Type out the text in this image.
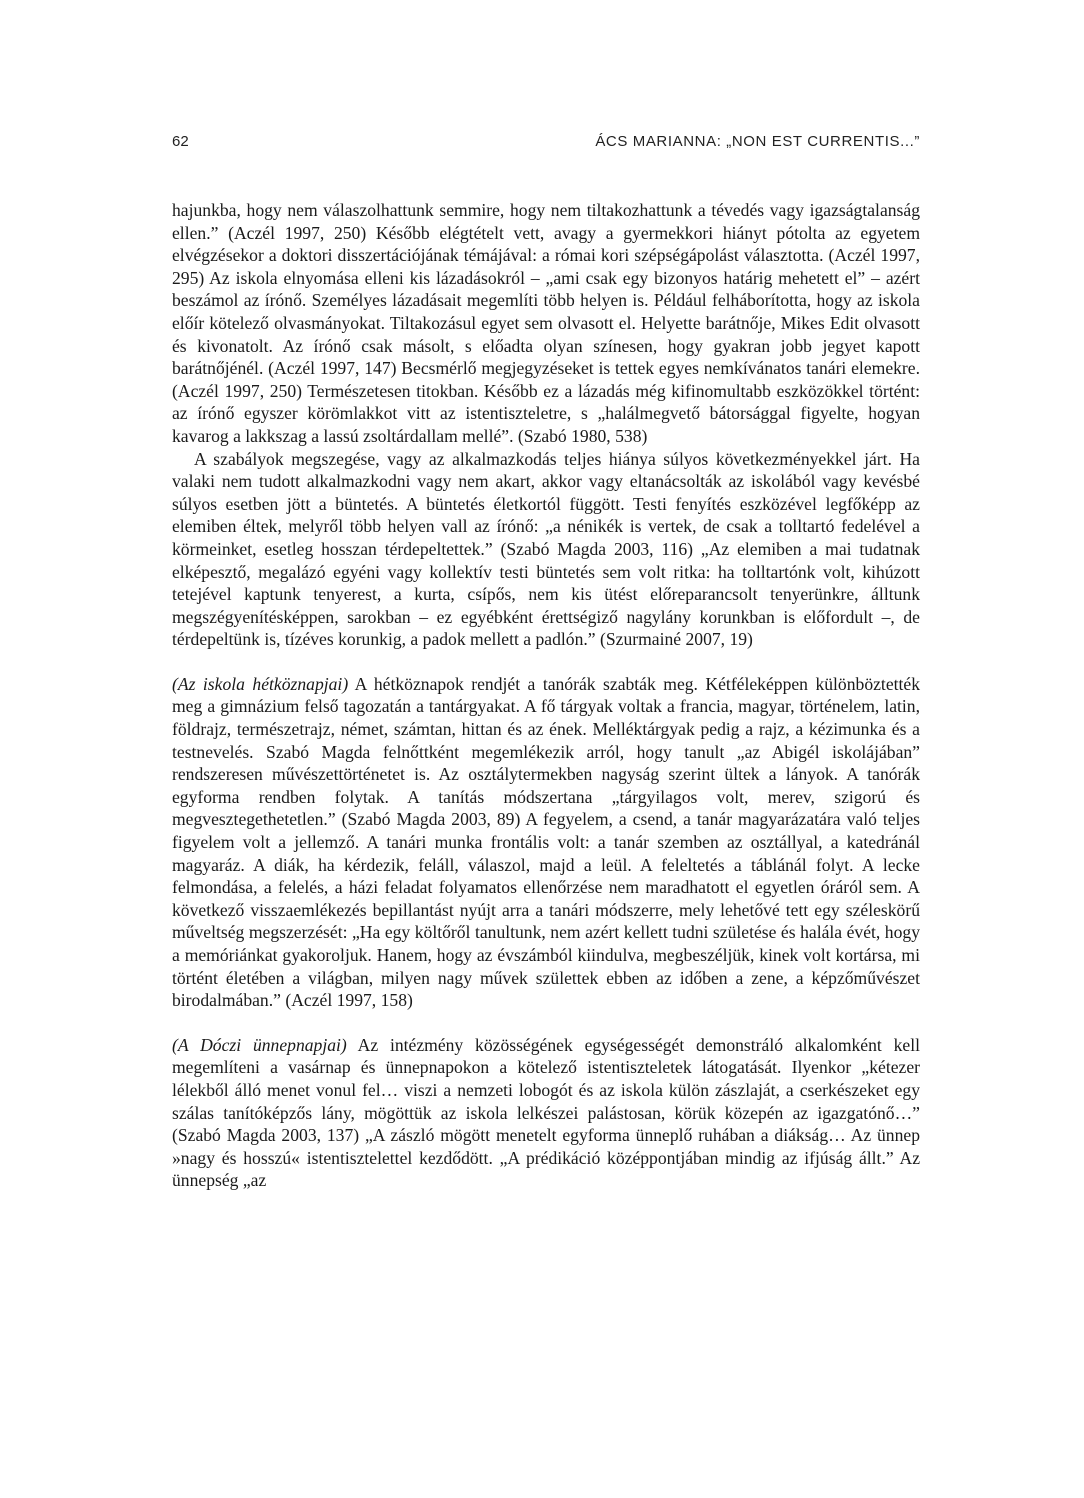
62	ÁCS MARIANNA: „NON EST CURRENTIS...”

hajunkba, hogy nem válaszolhattunk semmire, hogy nem tiltakozhattunk a tévedés vagy igazságtalanság ellen.” (Aczél 1997, 250) Később elégtételt vett, avagy a gyermekkori hiányt pótolta az egyetem elvégzésekor a doktori disszertációjának témájával: a római kori szépségápolást választotta. (Aczél 1997, 295) Az iskola elnyomása elleni kis lázadásokról – „ami csak egy bizonyos határig mehetett el” – azért beszámol az írónő. Személyes lázadásait megemlíti több helyen is. Például felháborította, hogy az iskola előír kötelező olvasmányokat. Tiltakozásul egyet sem olvasott el. Helyette barátnője, Mikes Edit olvasott és kivonatolt. Az írónő csak másolt, s előadta olyan színesen, hogy gyakran jobb jegyet kapott barátnőjénél. (Aczél 1997, 147) Becsmérlő megjegyzéseket is tettek egyes nemkívánatos tanári elemekre. (Aczél 1997, 250) Természetesen titokban. Később ez a lázadás még kifinomultabb eszközökkel történt: az írónő egyszer körömlakkot vitt az istentiszteletre, s „halálmegvető bátorsággal figyelte, hogyan kavarog a lakkszag a lassú zsoltárdallam mellé”. (Szabó 1980, 538)

A szabályok megszegése, vagy az alkalmazkodás teljes hiánya súlyos következményekkel járt. Ha valaki nem tudott alkalmazkodni vagy nem akart, akkor vagy eltanácsolták az iskolából vagy kevésbé súlyos esetben jött a büntetés. A büntetés életkortól függött. Testi fenyítés eszközével legfőképp az elemiben éltek, melyről több helyen vall az írónő: „a nénikék is vertek, de csak a tolltartó fedelével a körmeinket, esetleg hosszan térdepeltettek.” (Szabó Magda 2003, 116) „Az elemiben a mai tudatnak elképesztő, megalázó egyéni vagy kollektív testi büntetés sem volt ritka: ha tolltartónk volt, kihúzott tetejével kaptunk tenyerest, a kurta, csípős, nem kis ütést előreparancsolt tenyerünkre, álltunk megszégyenítésképpen, sarokban – ez egyébként érettségiző nagylány korunkban is előfordult –, de térdepeltünk is, tízéves korunkig, a padok mellett a padlón.” (Szurmainé 2007, 19)

(Az iskola hétköznapjai) A hétköznapok rendjét a tanórák szabták meg. Kétféleképpen különböztették meg a gimnázium felső tagozatán a tantárgyakat. A fő tárgyak voltak a francia, magyar, történelem, latin, földrajz, természetrajz, német, számtan, hittan és az ének. Melléktárgyak pedig a rajz, a kézimunka és a testnevelés. Szabó Magda felnőttként megemlékezik arról, hogy tanult „az Abigél iskolájában” rendszeresen művészettörténetet is. Az osztálytermekben nagyság szerint ültek a lányok. A tanórák egyforma rendben folytak. A tanítás módszertana „tárgyilagos volt, merev, szigorú és megvesztegethetetlen.” (Szabó Magda 2003, 89) A fegyelem, a csend, a tanár magyarázatára való teljes figyelem volt a jellemző. A tanári munka frontális volt: a tanár szemben az osztállyal, a katedránál magyaráz. A diák, ha kérdezik, feláll, válaszol, majd a leül. A feleltetés a táblánál folyt. A lecke felmondása, a felelés, a házi feladat folyamatos ellenőrzése nem maradhatott el egyetlen óráról sem. A következő visszaemlékezés bepillantást nyújt arra a tanári módszerre, mely lehetővé tett egy széleskörű műveltség megszerzését: „Ha egy költőről tanultunk, nem azért kellett tudni születése és halála évét, hogy a memóriánkat gyakoroljuk. Hanem, hogy az évszámból kiindulva, megbeszéljük, kinek volt kortársa, mi történt életében a világban, milyen nagy művek születtek ebben az időben a zene, a képzőművészet birodalmában.” (Aczél 1997, 158)

(A Dóczi ünnepnapjai) Az intézmény közösségének egységességét demonstráló alkalomként kell megemlíteni a vasárnap és ünnepnapokon a kötelező istentiszteletek látogatását. Ilyenkor „kétezer lélekből álló menet vonul fel… viszi a nemzeti lobogót és az iskola külön zászlaját, a cserkészeket egy szálas tanítóképzős lány, mögöttük az iskola lelkészei palástosan, körük közepén az igazgatónő…” (Szabó Magda 2003, 137) „A zászló mögött menetelt egyforma ünneplő ruhában a diákság… Az ünnep »nagy és hosszú« istentisztelettel kezdődött. „A prédikáció középpontjában mindig az ifjúság állt.” Az ünnepség „az
